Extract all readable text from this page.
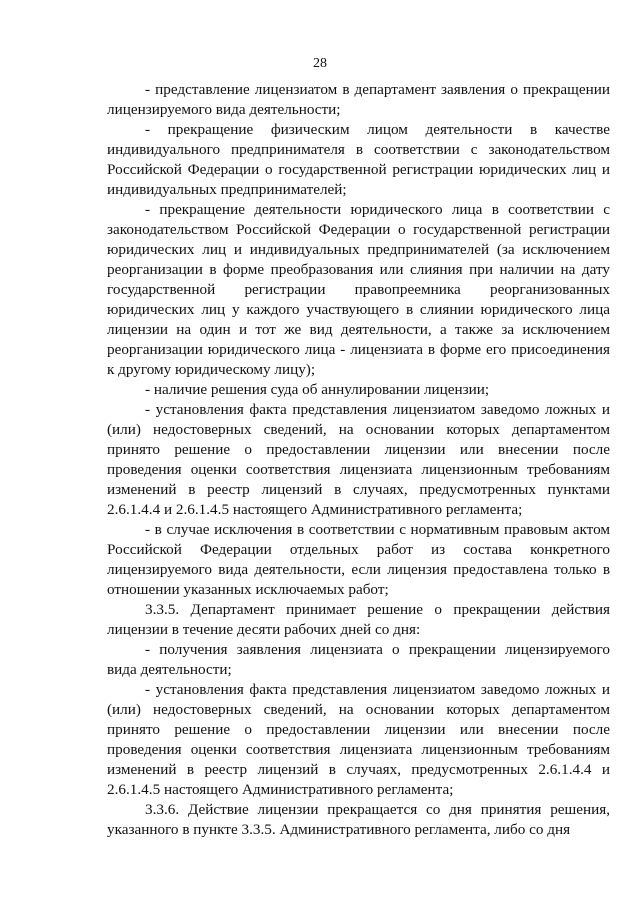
28

- представление лицензиатом в департамент заявления о прекращении лицензируемого вида деятельности;

- прекращение физическим лицом деятельности в качестве индивидуального предпринимателя в соответствии с законодательством Российской Федерации о государственной регистрации юридических лиц и индивидуальных предпринимателей;

- прекращение деятельности юридического лица в соответствии с законодательством Российской Федерации о государственной регистрации юридических лиц и индивидуальных предпринимателей (за исключением реорганизации в форме преобразования или слияния при наличии на дату государственной регистрации правопреемника реорганизованных юридических лиц у каждого участвующего в слиянии юридического лица лицензии на один и тот же вид деятельности, а также за исключением реорганизации юридического лица - лицензиата в форме его присоединения к другому юридическому лицу);

- наличие решения суда об аннулировании лицензии;

- установления факта представления лицензиатом заведомо ложных и (или) недостоверных сведений, на основании которых департаментом принято решение о предоставлении лицензии или внесении после проведения оценки соответствия лицензиата лицензионным требованиям изменений в реестр лицензий в случаях, предусмотренных пунктами 2.6.1.4.4 и 2.6.1.4.5 настоящего Административного регламента;

- в случае исключения в соответствии с нормативным правовым актом Российской Федерации отдельных работ из состава конкретного лицензируемого вида деятельности, если лицензия предоставлена только в отношении указанных исключаемых работ;

3.3.5. Департамент принимает решение о прекращении действия лицензии в течение десяти рабочих дней со дня:

- получения заявления лицензиата о прекращении лицензируемого вида деятельности;

- установления факта представления лицензиатом заведомо ложных и (или) недостоверных сведений, на основании которых департаментом принято решение о предоставлении лицензии или внесении после проведения оценки соответствия лицензиата лицензионным требованиям изменений в реестр лицензий в случаях, предусмотренных 2.6.1.4.4 и 2.6.1.4.5 настоящего Административного регламента;

3.3.6. Действие лицензии прекращается со дня принятия решения, указанного в пункте 3.3.5. Административного регламента, либо со дня
